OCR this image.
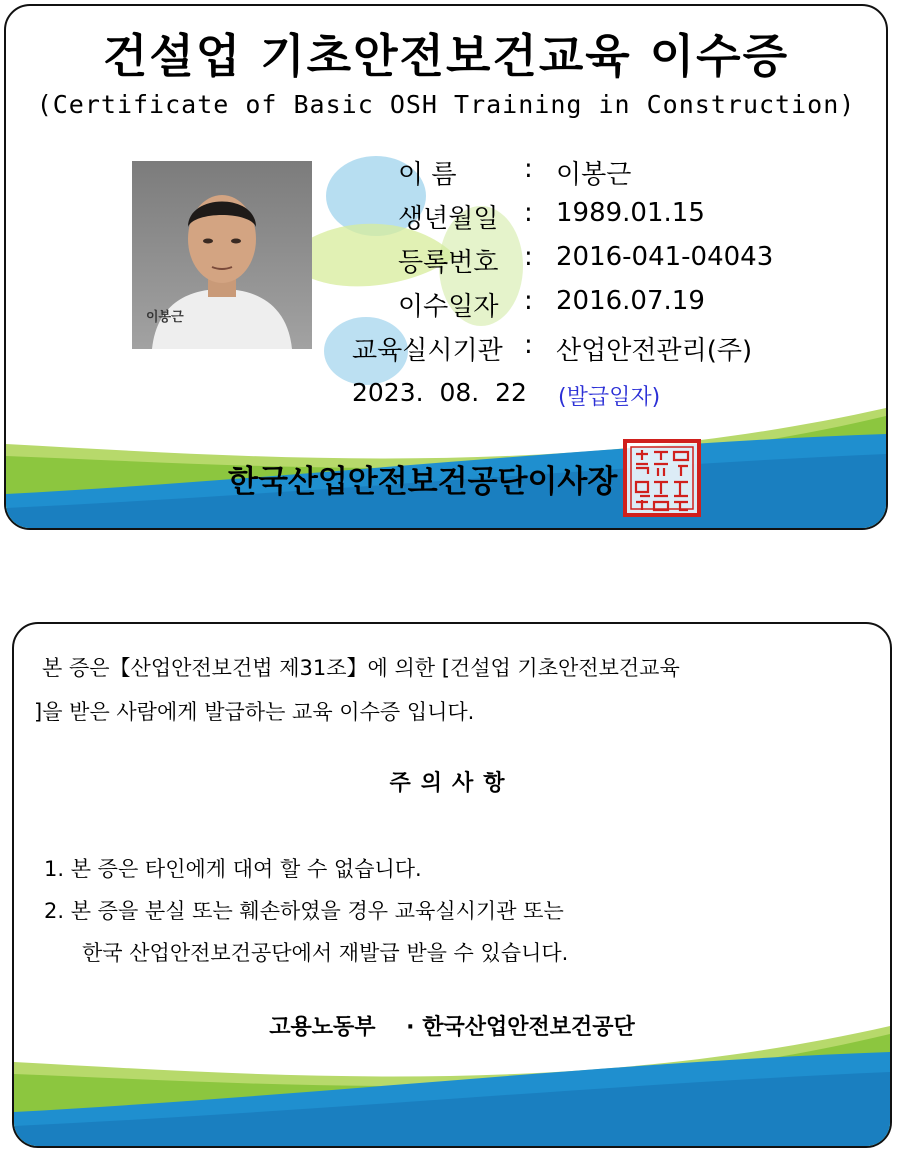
건설업 기초안전보건교육 이수증
(Certificate of Basic OSH Training in Construction)
이봉근
이 름	: 이봉근
생년월일 : 1989.01.15
등록번호 : 2016-041-04043
이수일자 : 2016.07.19
교육실시기관 : 산업안전관리(주)
2023.  08.  22 (발급일자)
한국산업안전보건공단이사장
본 증은【산업안전보건법 제31조】에 의한 [건설업 기초안전보건교육
]을 받은 사람에게 발급하는 교육 이수증 입니다.
주의사항
1. 본 증은 타인에게 대여 할 수 없습니다.
2. 본 증을 분실 또는 훼손하였을 경우 교육실시기관 또는
한국 산업안전보건공단에서 재발급 받을 수 있습니다.
고용노동부    · 한국산업안전보건공단
